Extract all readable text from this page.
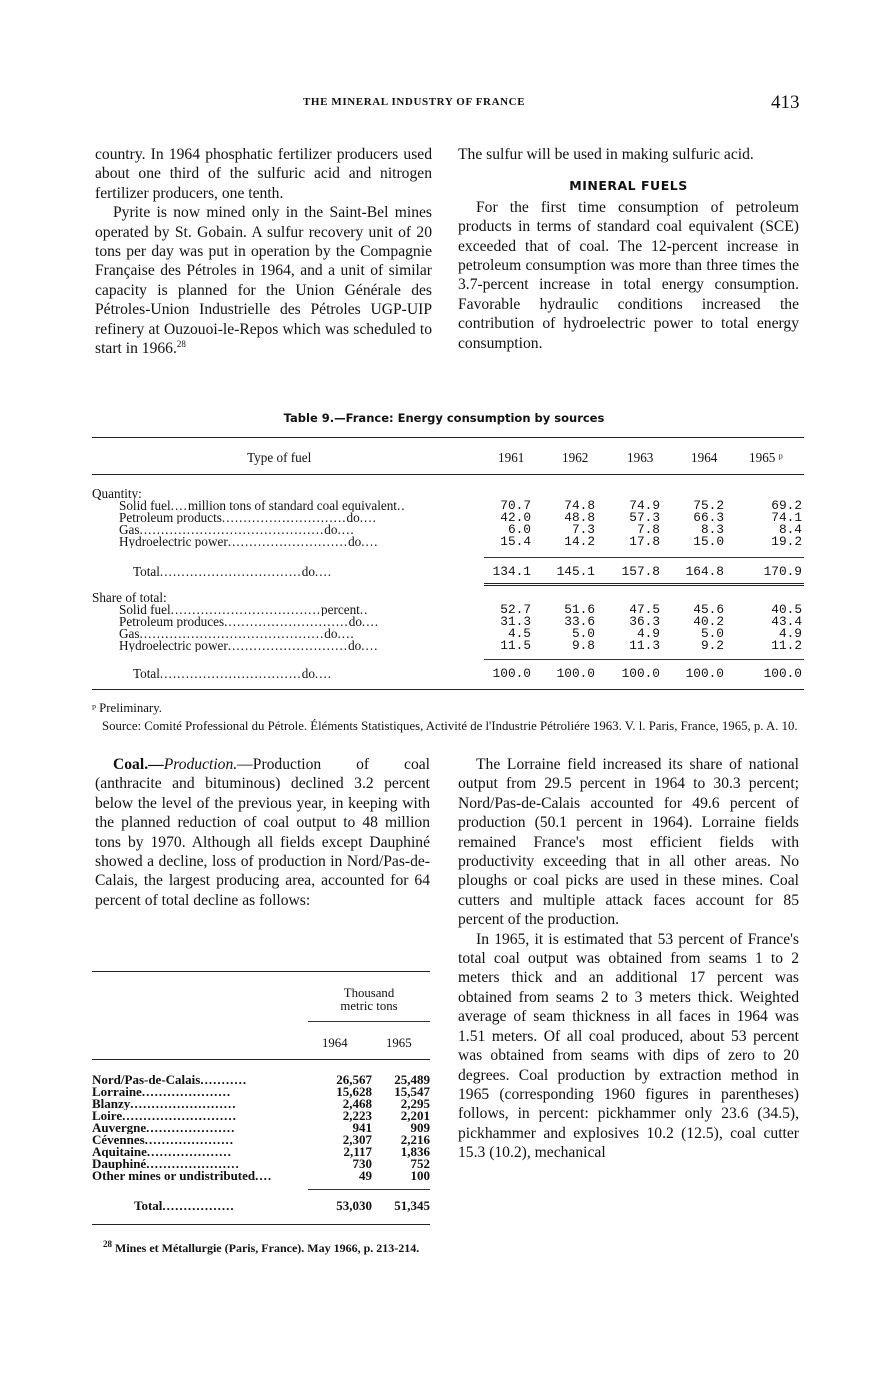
THE MINERAL INDUSTRY OF FRANCE	413

country. In 1964 phosphatic fertilizer producers used about one third of the sulfuric acid and nitrogen fertilizer producers, one tenth.

Pyrite is now mined only in the Saint-Bel mines operated by St. Gobain. A sulfur recovery unit of 20 tons per day was put in operation by the Compagnie Française des Pétroles in 1964, and a unit of similar capacity is planned for the Union Générale des Pétroles-Union Industrielle des Pétroles UGP-UIP refinery at Ouzouoi-le-Repos which was scheduled to start in 1966.28

The sulfur will be used in making sulfuric acid.

MINERAL FUELS

For the first time consumption of petroleum products in terms of standard coal equivalent (SCE) exceeded that of coal. The 12-percent increase in petroleum consumption was more than three times the 3.7-percent increase in total energy consumption. Favorable hydraulic conditions increased the contribution of hydroelectric power to total energy consumption.

Table 9.—France: Energy consumption by sources
Type of fuel	1961	1962	1963	1964 1965 ᵖ
Quantity:
Solid fuel....million tons of standard coal equivalent..	70.7	74.8	74.9	75.2	69.2
Petroleum products.............................do....	42.0	48.8	57.3	66.3	74.1
Gas...........................................do....	6.0	7.3	7.8	8.3	8.4
Hydroelectric power............................do....	15.4	14.2	17.8	15.0	19.2
Total.................................do....	134.1	145.1	157.8	164.8	170.9
Share of total:
Solid fuel...................................percent..	52.7	51.6	47.5	45.6	40.5
Petroleum produces.............................do....	31.3	33.6	36.3	40.2	43.4
Gas...........................................do....	4.5	5.0	4.9	5.0	4.9
Hydroelectric power............................do....	11.5	9.8	11.3	9.2	11.2
Total.................................do....	100.0	100.0	100.0	100.0	100.0

ᵖ Preliminary.

Source: Comité Professional du Pétrole. Éléments Statistiques, Activité de l'Industrie Pétroliére 1963. V. l. Paris, France, 1965, p. A. 10.

Coal.—Production.—Production of coal (anthracite and bituminous) declined 3.2 percent below the level of the previous year, in keeping with the planned reduction of coal output to 48 million tons by 1970. Although all fields except Dauphiné showed a decline, loss of production in Nord/Pas-de-Calais, the largest producing area, accounted for 64 percent of total decline as follows:

Thousand
metric tons
1964	1965
Nord/Pas-de-Calais...........	26,567	25,489
Lorraine.....................	15,628	15,547
Blanzy.........................	2,468	2,295
Loire...........................	2,223	2,201
Auvergne.....................	941	909
Cévennes.....................	2,307	2,216
Aquitaine....................	2,117	1,836
Dauphiné......................	730	752
Other mines or undistributed....	49	100
Total.................	53,030	51,345

The Lorraine field increased its share of national output from 29.5 percent in 1964 to 30.3 percent; Nord/Pas-de-Calais accounted for 49.6 percent of production (50.1 percent in 1964). Lorraine fields remained France's most efficient fields with productivity exceeding that in all other areas. No ploughs or coal picks are used in these mines. Coal cutters and multiple attack faces account for 85 percent of the production.

In 1965, it is estimated that 53 percent of France's total coal output was obtained from seams 1 to 2 meters thick and an additional 17 percent was obtained from seams 2 to 3 meters thick. Weighted average of seam thickness in all faces in 1964 was 1.51 meters. Of all coal produced, about 53 percent was obtained from seams with dips of zero to 20 degrees. Coal production by extraction method in 1965 (corresponding 1960 figures in parentheses) follows, in percent: pickhammer only 23.6 (34.5), pickhammer and explosives 10.2 (12.5), coal cutter 15.3 (10.2), mechanical

$^{28}$ Mines et Métallurgie (Paris, France). May 1966, p. 213-214.
